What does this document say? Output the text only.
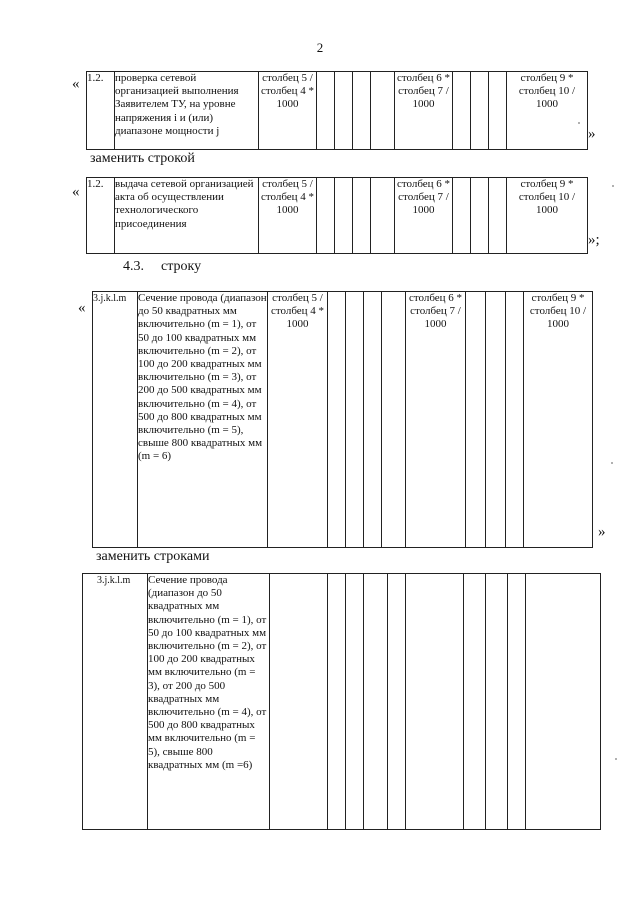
2
« 1.2.	проверка сетевой организацией выполнения Заявителем ТУ, на уровне напряжения i и (или) диапазоне мощности j	столбец 5 / столбец 4 * 1000					столбец 6 * столбец 7 / 1000				столбец 9 * столбец 10 / 1000
»
заменить строкой
« 1.2.	выдача сетевой организацией акта об осуществлении технологического присоединения	столбец 5 / столбец 4 * 1000					столбец 6 * столбец 7 / 1000				столбец 9 * столбец 10 / 1000
»;
4.3. строку
«
3.j.k.l.m	Сечение провода (диапазон до 50 квадратных мм включительно (m = 1), от 50 до 100 квадратных мм включительно (m = 2), от 100 до 200 квадратных мм включительно (m = 3), от 200 до 500 квадратных мм включительно (m = 4), от 500 до 800 квадратных мм включительно (m = 5), свыше 800 квадратных мм (m = 6)	столбец 5 / столбец 4 * 1000					столбец 6 * столбец 7 / 1000				столбец 9 * столбец 10 / 1000
»
заменить строками
3.j.k.l.m	Сечение провода (диапазон до 50 квадратных мм включительно (m = 1), от 50 до 100 квадратных мм включительно (m = 2), от 100 до 200 квадратных мм включительно (m = 3), от 200 до 500 квадратных мм включительно (m = 4), от 500 до 800 квадратных мм включительно (m = 5), свыше 800 квадратных мм (m =6)										
